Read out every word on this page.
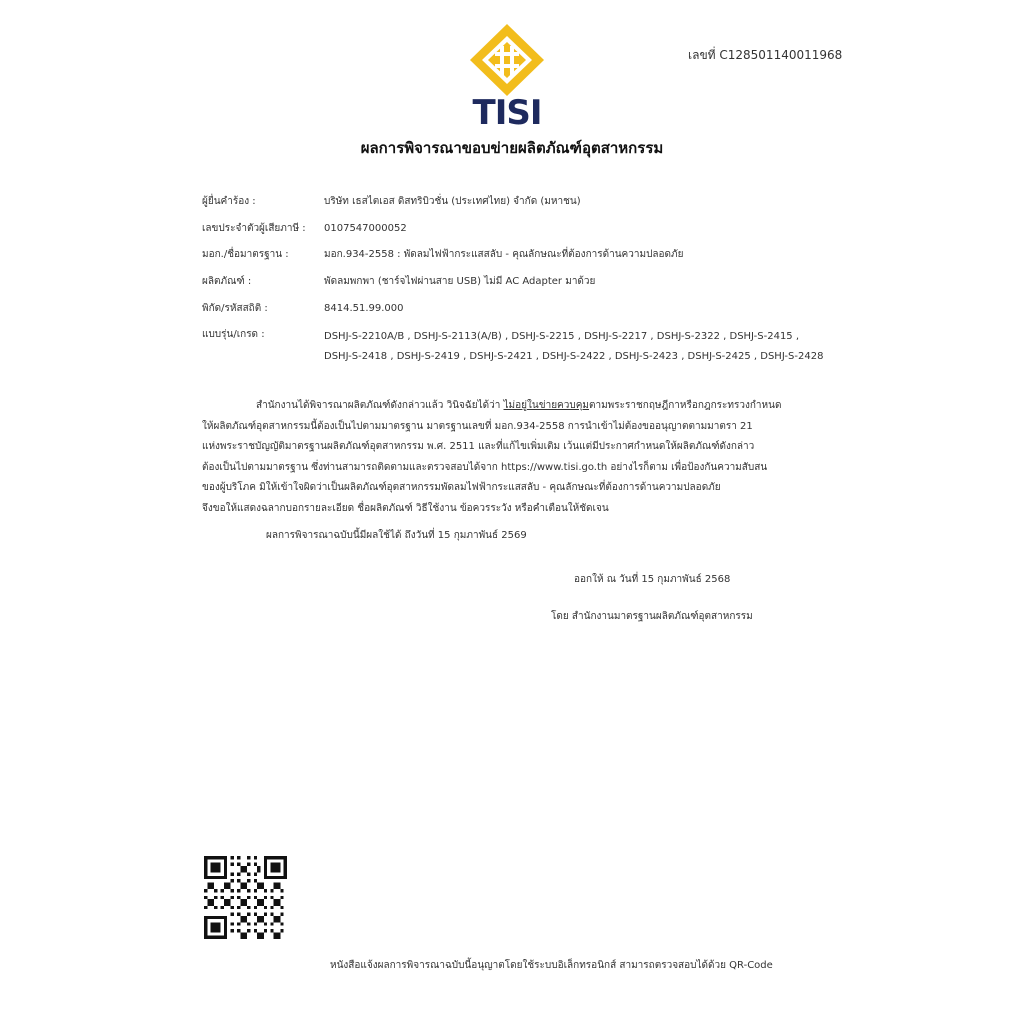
เลขที่ C128501140011968
TISI
ผลการพิจารณาขอบข่ายผลิตภัณฑ์อุตสาหกรรม
ผู้ยื่นคำร้อง :	บริษัท เธสไตเอส ดิสทริบิวชั่น (ประเทศไทย) จำกัด (มหาชน)
เลขประจำตัวผู้เสียภาษี : 0107547000052
มอก./ชื่อมาตรฐาน :	มอก.934-2558 : พัดลมไฟฟ้ากระแสสลับ - คุณลักษณะที่ต้องการด้านความปลอดภัย
ผลิตภัณฑ์ :	พัดลมพกพา (ชาร์จไฟผ่านสาย USB) ไม่มี AC Adapter มาด้วย
พิกัด/รหัสสถิติ :	8414.51.99.000
แบบรุ่น/เกรด :	DSHJ-S-2210A/B , DSHJ-S-2113(A/B) , DSHJ-S-2215 , DSHJ-S-2217 , DSHJ-S-2322 , DSHJ-S-2415 ,
DSHJ-S-2418 , DSHJ-S-2419 , DSHJ-S-2421 , DSHJ-S-2422 , DSHJ-S-2423 , DSHJ-S-2425 , DSHJ-S-2428
สำนักงานได้พิจารณาผลิตภัณฑ์ดังกล่าวแล้ว วินิจฉัยได้ว่า ไม่อยู่ในข่ายควบคุมตามพระราชกฤษฎีกาหรือกฎกระทรวงกำหนด
ให้ผลิตภัณฑ์อุตสาหกรรมนี้ต้องเป็นไปตามมาตรฐาน มาตรฐานเลขที่ มอก.934-2558 การนำเข้าไม่ต้องขออนุญาตตามมาตรา 21
แห่งพระราชบัญญัติมาตรฐานผลิตภัณฑ์อุตสาหกรรม พ.ศ. 2511 และที่แก้ไขเพิ่มเติม เว้นแต่มีประกาศกำหนดให้ผลิตภัณฑ์ดังกล่าว
ต้องเป็นไปตามมาตรฐาน ซึ่งท่านสามารถติดตามและตรวจสอบได้จาก https://www.tisi.go.th อย่างไรก็ตาม เพื่อป้องกันความสับสน
ของผู้บริโภค มิให้เข้าใจผิดว่าเป็นผลิตภัณฑ์อุตสาหกรรมพัดลมไฟฟ้ากระแสสลับ - คุณลักษณะที่ต้องการด้านความปลอดภัย
จึงขอให้แสดงฉลากบอกรายละเอียด ชื่อผลิตภัณฑ์ วิธีใช้งาน ข้อควรระวัง หรือคำเตือนให้ชัดเจน
ผลการพิจารณาฉบับนี้มีผลใช้ได้ ถึงวันที่ 15 กุมภาพันธ์ 2569
ออกให้ ณ วันที่ 15 กุมภาพันธ์ 2568
โดย สำนักงานมาตรฐานผลิตภัณฑ์อุตสาหกรรม
หนังสือแจ้งผลการพิจารณาฉบับนี้อนุญาตโดยใช้ระบบอิเล็กทรอนิกส์ สามารถตรวจสอบได้ด้วย QR-Code
